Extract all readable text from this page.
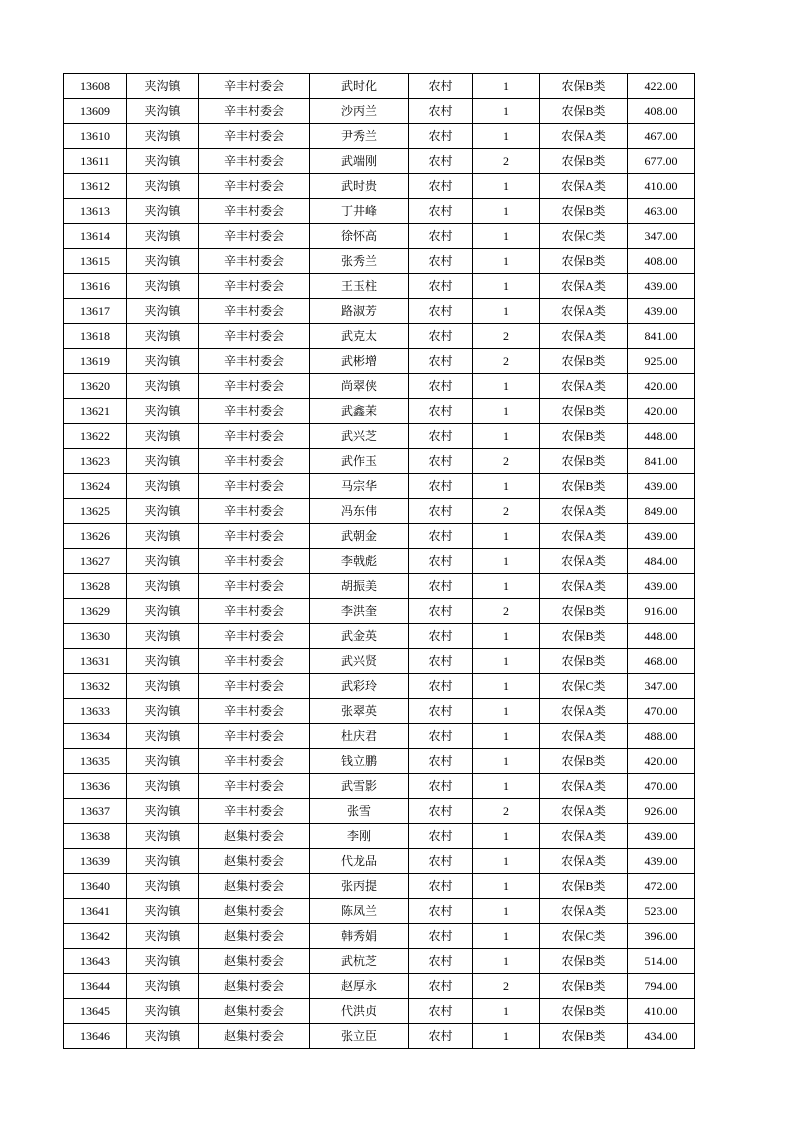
13608	夹沟镇	辛丰村委会	武时化	农村	1	农保B类	422.00
13609	夹沟镇	辛丰村委会	沙丙兰	农村	1	农保B类	408.00
13610	夹沟镇	辛丰村委会	尹秀兰	农村	1	农保A类	467.00
13611	夹沟镇	辛丰村委会	武端刚	农村	2	农保B类	677.00
13612	夹沟镇	辛丰村委会	武时贵	农村	1	农保A类	410.00
13613	夹沟镇	辛丰村委会	丁井峰	农村	1	农保B类	463.00
13614	夹沟镇	辛丰村委会	徐怀高	农村	1	农保C类	347.00
13615	夹沟镇	辛丰村委会	张秀兰	农村	1	农保B类	408.00
13616	夹沟镇	辛丰村委会	王玉柱	农村	1	农保A类	439.00
13617	夹沟镇	辛丰村委会	路淑芳	农村	1	农保A类	439.00
13618	夹沟镇	辛丰村委会	武克太	农村	2	农保A类	841.00
13619	夹沟镇	辛丰村委会	武彬增	农村	2	农保B类	925.00
13620	夹沟镇	辛丰村委会	尚翠侠	农村	1	农保A类	420.00
13621	夹沟镇	辛丰村委会	武鑫茉	农村	1	农保B类	420.00
13622	夹沟镇	辛丰村委会	武兴芝	农村	1	农保B类	448.00
13623	夹沟镇	辛丰村委会	武作玉	农村	2	农保B类	841.00
13624	夹沟镇	辛丰村委会	马宗华	农村	1	农保B类	439.00
13625	夹沟镇	辛丰村委会	冯东伟	农村	2	农保A类	849.00
13626	夹沟镇	辛丰村委会	武朝金	农村	1	农保A类	439.00
13627	夹沟镇	辛丰村委会	李戟彪	农村	1	农保A类	484.00
13628	夹沟镇	辛丰村委会	胡振美	农村	1	农保A类	439.00
13629	夹沟镇	辛丰村委会	李洪奎	农村	2	农保B类	916.00
13630	夹沟镇	辛丰村委会	武金英	农村	1	农保B类	448.00
13631	夹沟镇	辛丰村委会	武兴贤	农村	1	农保B类	468.00
13632	夹沟镇	辛丰村委会	武彩玲	农村	1	农保C类	347.00
13633	夹沟镇	辛丰村委会	张翠英	农村	1	农保A类	470.00
13634	夹沟镇	辛丰村委会	杜庆君	农村	1	农保A类	488.00
13635	夹沟镇	辛丰村委会	钱立鹏	农村	1	农保B类	420.00
13636	夹沟镇	辛丰村委会	武雪影	农村	1	农保A类	470.00
13637	夹沟镇	辛丰村委会	张雪	农村	2	农保A类	926.00
13638	夹沟镇	赵集村委会	李刚	农村	1	农保A类	439.00
13639	夹沟镇	赵集村委会	代龙品	农村	1	农保A类	439.00
13640	夹沟镇	赵集村委会	张丙提	农村	1	农保B类	472.00
13641	夹沟镇	赵集村委会	陈凤兰	农村	1	农保A类	523.00
13642	夹沟镇	赵集村委会	韩秀娟	农村	1	农保C类	396.00
13643	夹沟镇	赵集村委会	武杭芝	农村	1	农保B类	514.00
13644	夹沟镇	赵集村委会	赵厚永	农村	2	农保B类	794.00
13645	夹沟镇	赵集村委会	代洪贞	农村	1	农保B类	410.00
13646	夹沟镇	赵集村委会	张立臣	农村	1	农保B类	434.00
